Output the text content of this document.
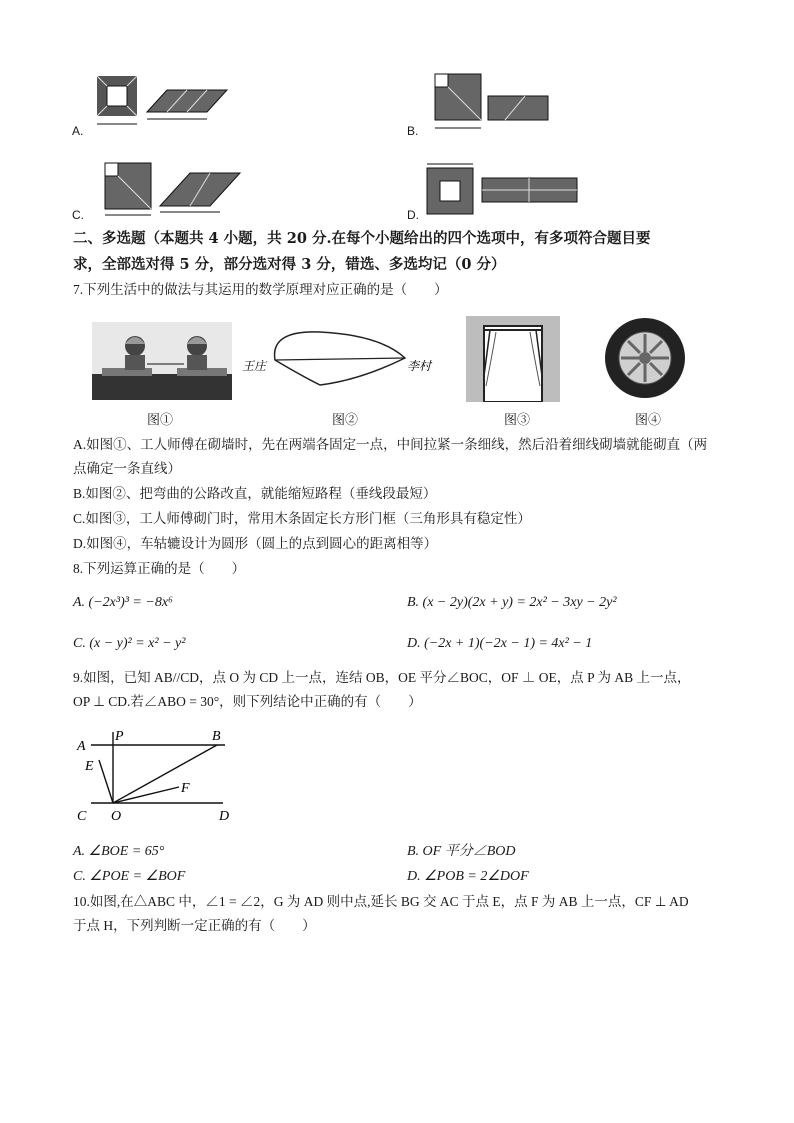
A.	B.
C.	D.
二、多选题（本题共 4 小题，共 20 分.在每个小题给出的四个选项中，有多项符合题目要
求，全部选对得 5 分，部分选对得 3 分，错选、多选均记（0 分）
7.下列生活中的做法与其运用的数学原理对应正确的是（　　）
王庄	李村
图①	图②	图③	图④
A.如图①、工人师傅在砌墙时，先在两端各固定一点，中间拉紧一条细线，然后沿着细线砌墙就能砌直（两
点确定一条直线）
B.如图②、把弯曲的公路改直，就能缩短路程（垂线段最短）
C.如图③，工人师傅砌门时，常用木条固定长方形门框（三角形具有稳定性）
D.如图④，车轱辘设计为圆形（圆上的点到圆心的距离相等）
8.下列运算正确的是（　　）
A. (−2x³)³ = −8x⁶	B. (x − 2y)(2x + y) = 2x² − 3xy − 2y²
C. (x − y)² = x² − y²	D. (−2x + 1)(−2x − 1) = 4x² − 1
9.如图，已知 AB//CD，点 O 为 CD 上一点，连结 OB，OE 平分∠BOC，OF ⊥ OE，点 P 为 AB 上一点，
OP ⊥ CD.若∠ABO = 30°，则下列结论中正确的有（　　）
A
P	B
E
F
C O	D
A. ∠BOE = 65°	B. OF 平分∠BOD
C. ∠POE = ∠BOF	D. ∠POB = 2∠DOF
10.如图,在△ABC 中，∠1 = ∠2，G 为 AD 则中点,延长 BG 交 AC 于点 E，点 F 为 AB 上一点，CF ⊥ AD
于点 H，下列判断一定正确的有（　　）
